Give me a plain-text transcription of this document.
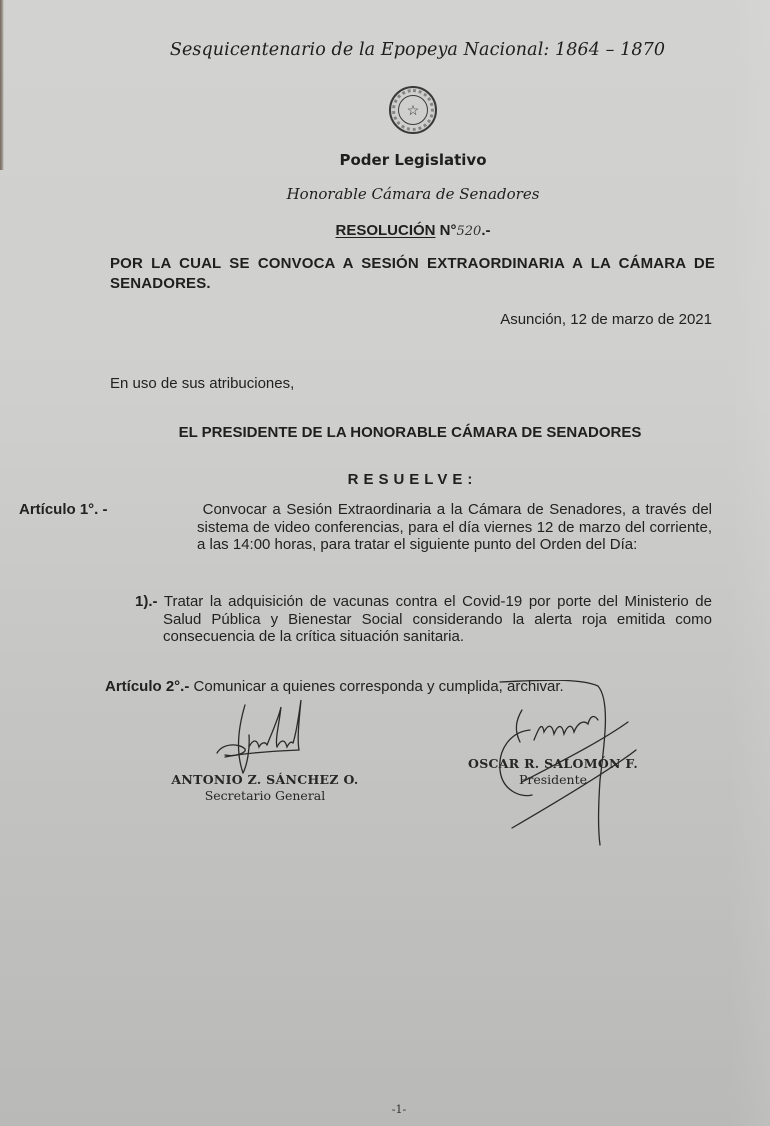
Sesquicentenario de la Epopeya Nacional: 1864 – 1870
☆
Poder Legislativo
Honorable Cámara de Senadores
RESOLUCIÓN N°520.-
POR LA CUAL SE CONVOCA A SESIÓN EXTRAORDINARIA A LA CÁMARA DE SENADORES.
Asunción, 12 de marzo de 2021
En uso de sus atribuciones,
EL PRESIDENTE DE LA HONORABLE CÁMARA DE SENADORES
RESUELVE:
Artículo 1°. -	Convocar a Sesión Extraordinaria a la Cámara de Senadores, a través del sistema de video conferencias, para el día viernes 12 de marzo del corriente, a las 14:00 horas, para tratar el siguiente punto del Orden del Día:
1).- Tratar la adquisición de vacunas contra el Covid-19 por porte del Ministerio de Salud Pública y Bienestar Social considerando la alerta roja emitida como consecuencia de la crítica situación sanitaria.
Artículo 2°.- Comunicar a quienes corresponda y cumplida, archivar.
ANTONIO Z. SÁNCHEZ O.
Secretario General
OSCAR R. SALOMÓN F.
Presidente
-1-
